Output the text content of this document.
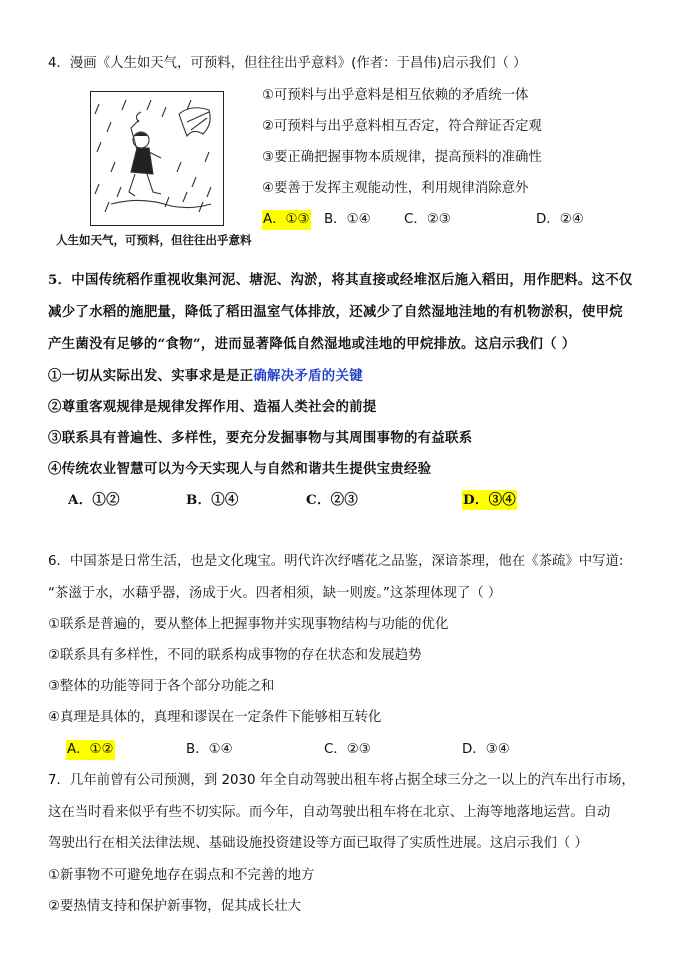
4．漫画《人生如天气，可预料，但往往出乎意料》(作者：于昌伟)启示我们（ ）
人生如天气，可预料，但往往出乎意料
①可预料与出乎意料是相互依赖的矛盾统一体
②可预料与出乎意料相互否定，符合辩证否定观
③要正确把握事物本质规律，提高预料的准确性
④要善于发挥主观能动性，利用规律消除意外
A．①③ B．①④ C．②③	D．②④
5．中国传统稻作重视收集河泥、塘泥、沟淤，将其直接或经堆沤后施入稻田，用作肥料。这不仅
减少了水稻的施肥量，降低了稻田温室气体排放，还减少了自然湿地洼地的有机物淤积，使甲烷
产生菌没有足够的“食物”，进而显著降低自然湿地或洼地的甲烷排放。这启示我们（ ）
①一切从实际出发、实事求是是正确解决矛盾的关键
②尊重客观规律是规律发挥作用、造福人类社会的前提
③联系具有普遍性、多样性，要充分发掘事物与其周围事物的有益联系
④传统农业智慧可以为今天实现人与自然和谐共生提供宝贵经验
A．①②	B．①④	C．②③	D．③④
6．中国茶是日常生活，也是文化瑰宝。明代许次纾嗜花之品鉴，深谙茶理，他在《茶疏》中写道:
“茶滋于水，水藉乎器，汤成于火。四者相须，缺一则废。”这茶理体现了（ ）
①联系是普遍的，要从整体上把握事物并实现事物结构与功能的优化
②联系具有多样性，不同的联系构成事物的存在状态和发展趋势
③整体的功能等同于各个部分功能之和
④真理是具体的，真理和谬误在一定条件下能够相互转化
A．①②	B．①④	C．②③	D．③④
7．几年前曾有公司预测，到 2030 年全自动驾驶出租车将占据全球三分之一以上的汽车出行市场，
这在当时看来似乎有些不切实际。而今年，自动驾驶出租车将在北京、上海等地落地运营。自动
驾驶出行在相关法律法规、基础设施投资建设等方面已取得了实质性进展。这启示我们（ ）
①新事物不可避免地存在弱点和不完善的地方
②要热情支持和保护新事物，促其成长壮大
